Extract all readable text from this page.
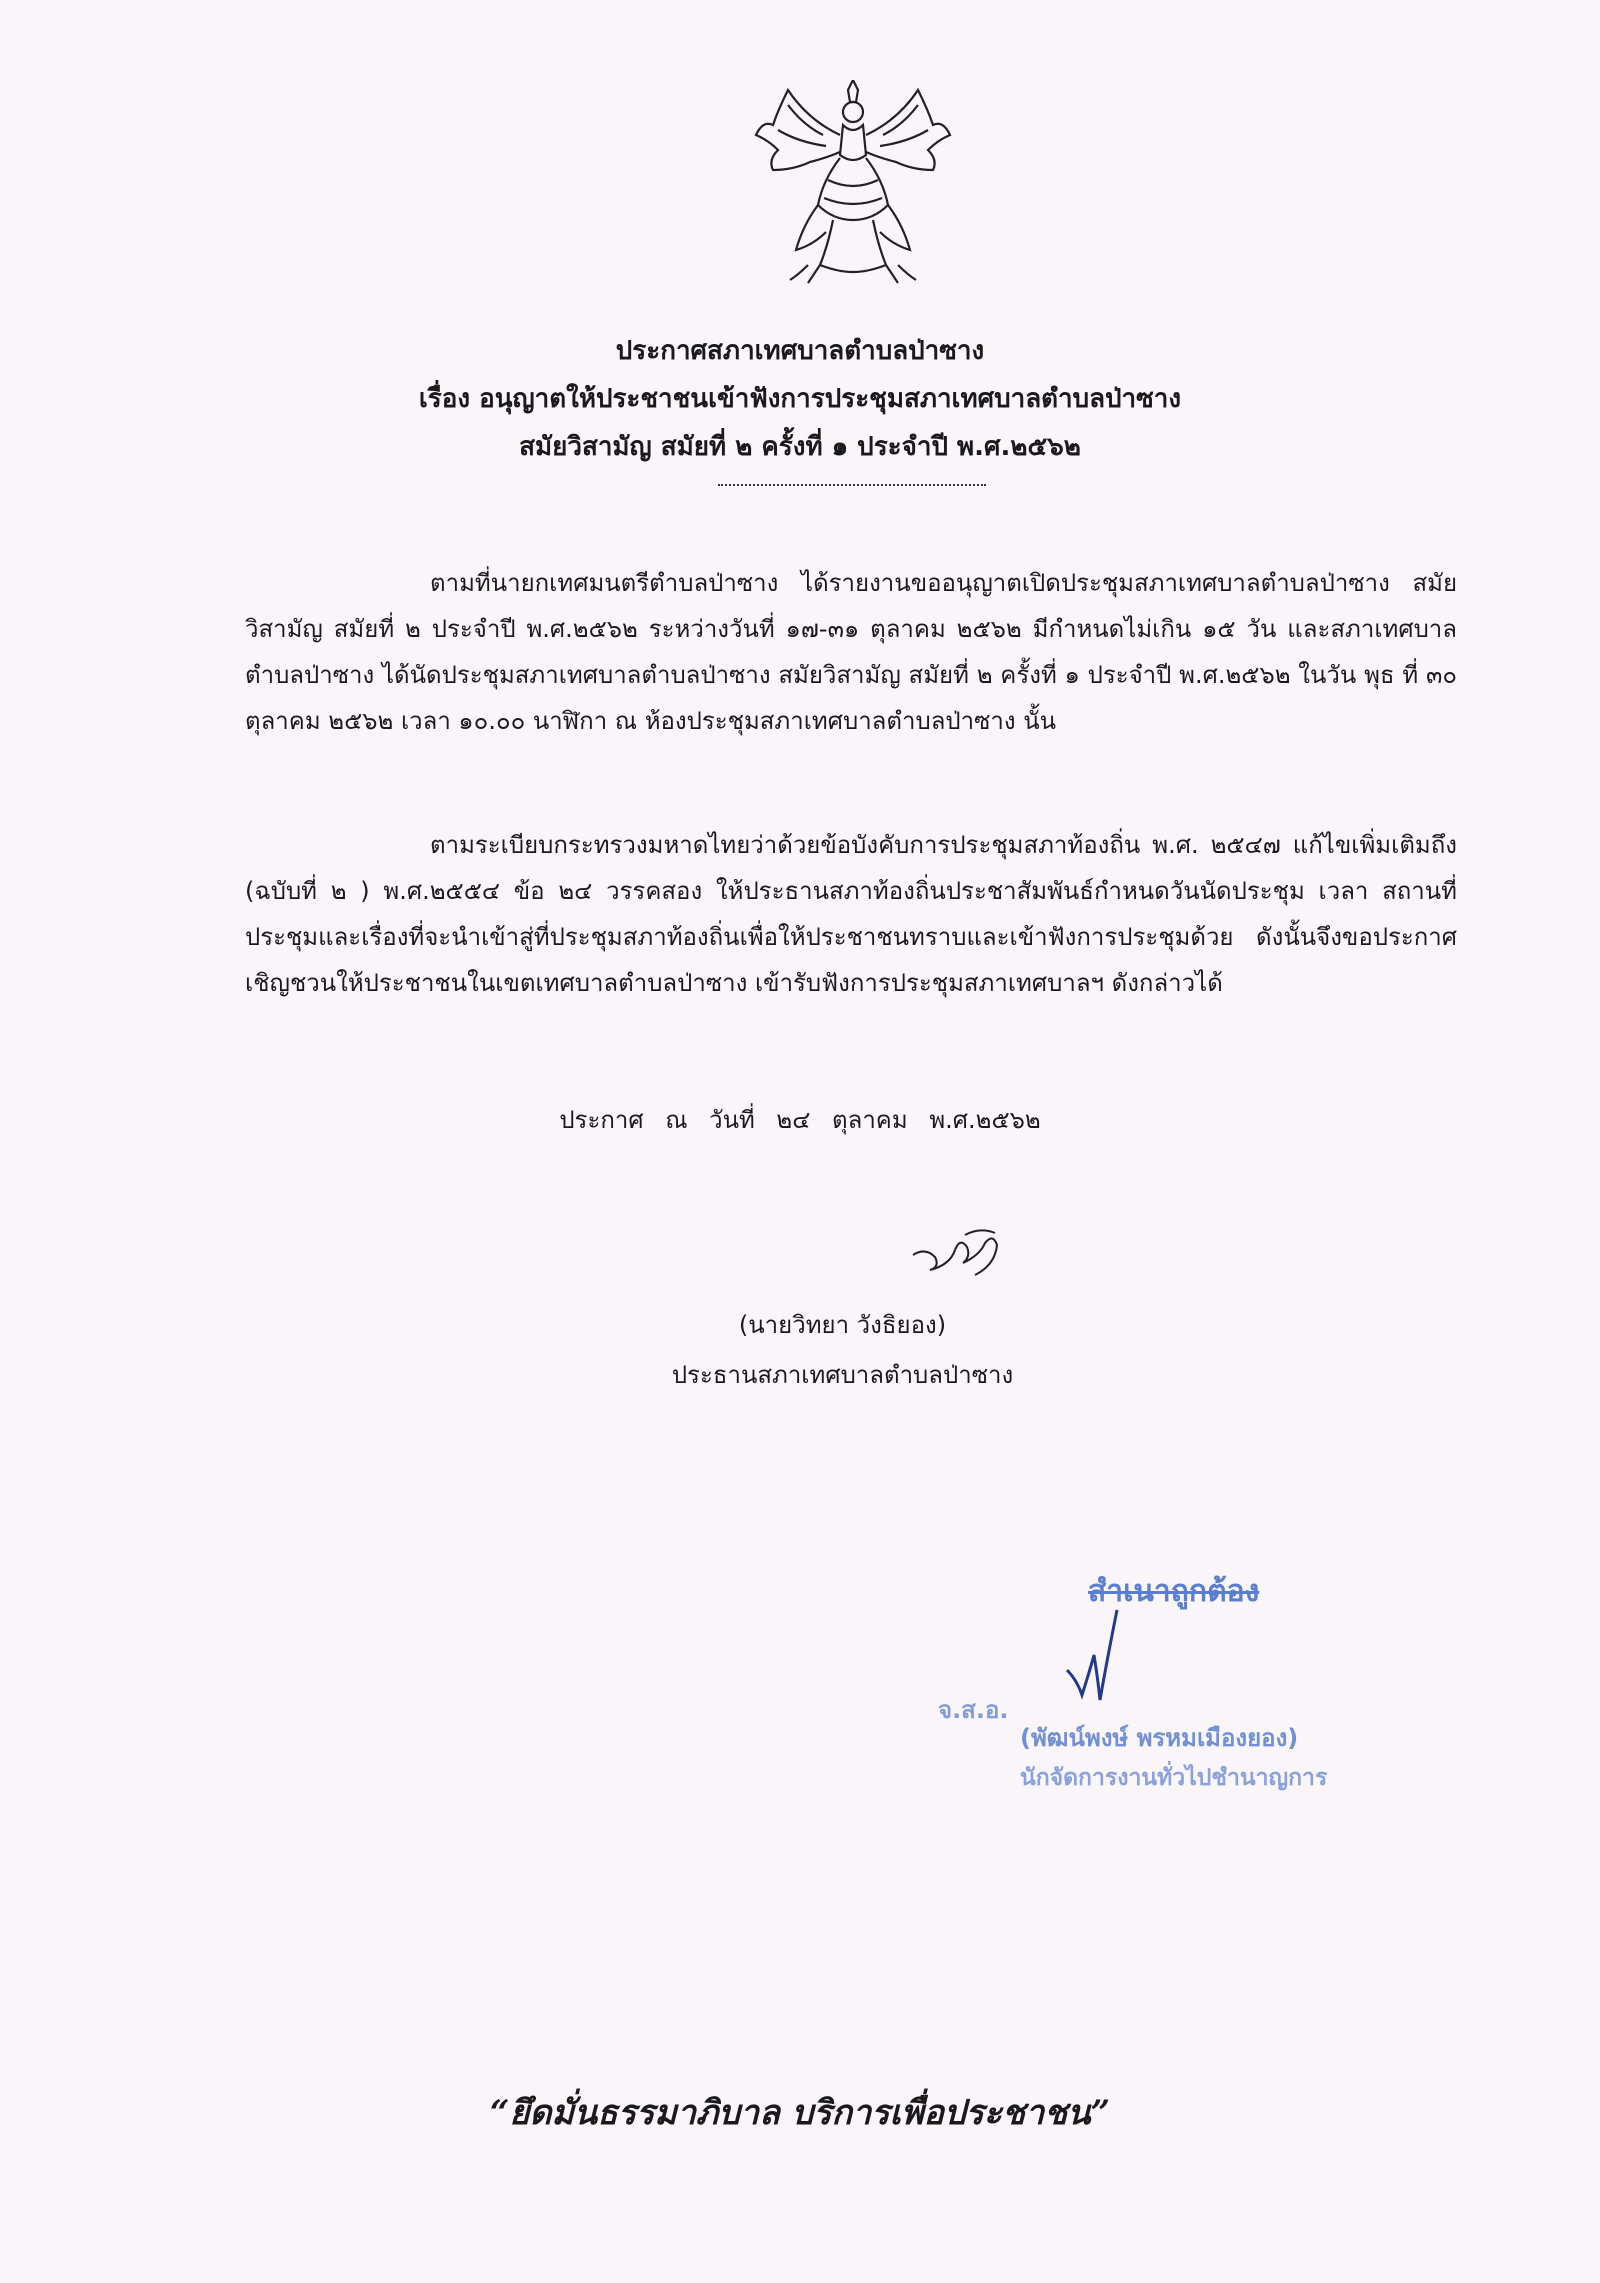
ประกาศสภาเทศบาลตำบลป่าซาง
เรื่อง อนุญาตให้ประชาชนเข้าฟังการประชุมสภาเทศบาลตำบลป่าซาง
สมัยวิสามัญ สมัยที่ ๒ ครั้งที่ ๑ ประจำปี พ.ศ.๒๕๖๒
ตามที่นายกเทศมนตรีตำบลป่าซาง ได้รายงานขออนุญาตเปิดประชุมสภาเทศบาลตำบลป่าซาง สมัยวิสามัญ สมัยที่ ๒ ประจำปี พ.ศ.๒๕๖๒ ระหว่างวันที่ ๑๗-๓๑ ตุลาคม ๒๕๖๒ มีกำหนดไม่เกิน ๑๕ วัน และสภาเทศบาลตำบลป่าซาง ได้นัดประชุมสภาเทศบาลตำบลป่าซาง สมัยวิสามัญ สมัยที่ ๒ ครั้งที่ ๑ ประจำปี พ.ศ.๒๕๖๒ ในวัน พุธ ที่ ๓๐ ตุลาคม ๒๕๖๒ เวลา ๑๐.๐๐ นาฬิกา ณ ห้องประชุมสภาเทศบาลตำบลป่าซาง นั้น
ตามระเบียบกระทรวงมหาดไทยว่าด้วยข้อบังคับการประชุมสภาท้องถิ่น พ.ศ. ๒๕๔๗ แก้ไขเพิ่มเติมถึง (ฉบับที่ ๒ ) พ.ศ.๒๕๕๔ ข้อ ๒๔ วรรคสอง ให้ประธานสภาท้องถิ่นประชาสัมพันธ์กำหนดวันนัดประชุม เวลา สถานที่ประชุมและเรื่องที่จะนำเข้าสู่ที่ประชุมสภาท้องถิ่นเพื่อให้ประชาชนทราบและเข้าฟังการประชุมด้วย ดังนั้นจึงขอประกาศเชิญชวนให้ประชาชนในเขตเทศบาลตำบลป่าซาง เข้ารับฟังการประชุมสภาเทศบาลฯ ดังกล่าวได้
ประกาศ ณ วันที่ ๒๔ ตุลาคม พ.ศ.๒๕๖๒
(นายวิทยา วังธิยอง)
ประธานสภาเทศบาลตำบลป่าซาง
สำเนาถูกต้อง
จ.ส.อ.
(พัฒน์พงษ์ พรหมเมืองยอง)
นักจัดการงานทั่วไปชำนาญการ
“ยึดมั่นธรรมาภิบาล บริการเพื่อประชาชน”
